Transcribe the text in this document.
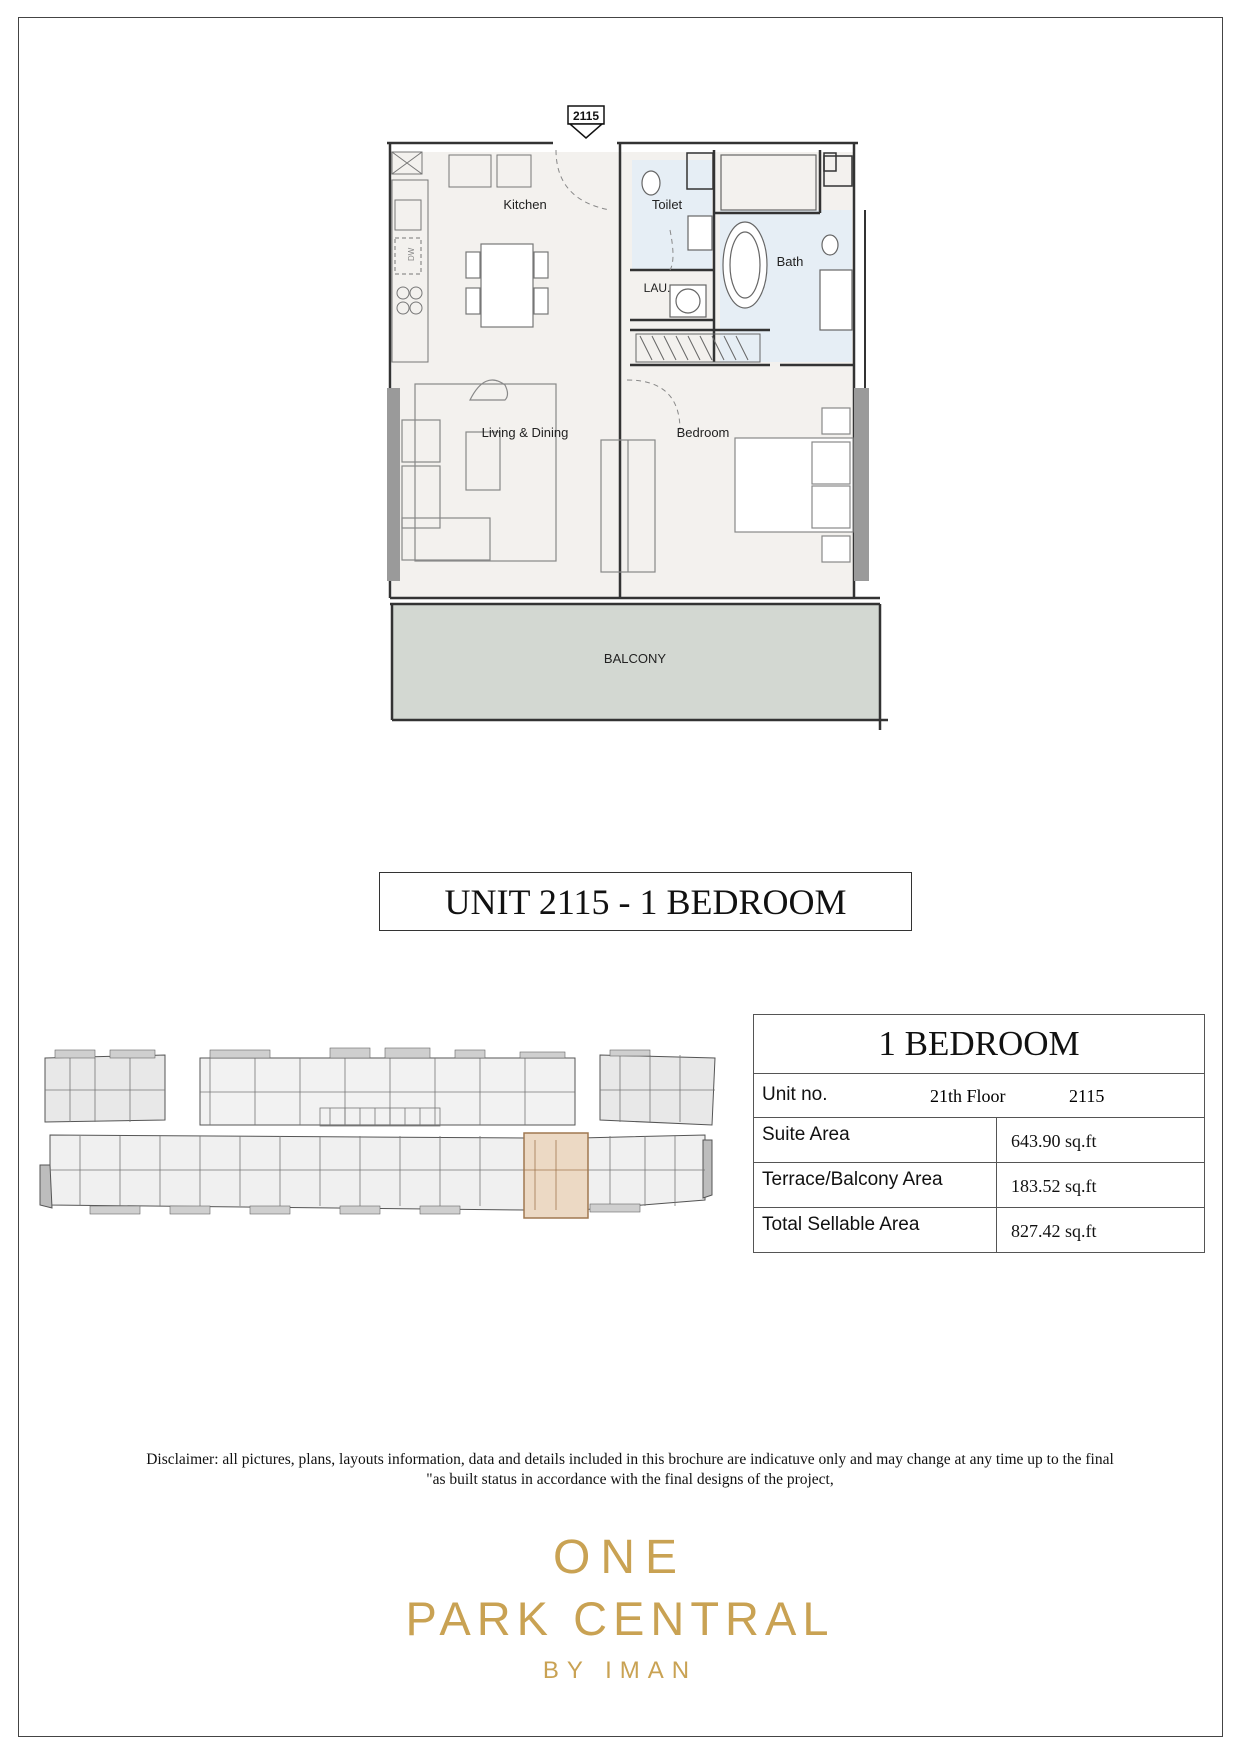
DW
2115
Kitchen	Toilet
Bath
LAU.
Living & Dining	Bedroom
BALCONY
UNIT 2115 - 1 BEDROOM
1 BEDROOM
Unit no.	21th Floor	2115
Suite Area	643.90 sq.ft
Terrace/Balcony Area	183.52 sq.ft
Total Sellable Area	827.42 sq.ft
Disclaimer: all pictures, plans, layouts information, data and details included in this brochure are indicatuve only and may change at any time up to the final
"as built status in accordance with the final designs of the project,
ONE
PARK CENTRAL
BY IMAN
